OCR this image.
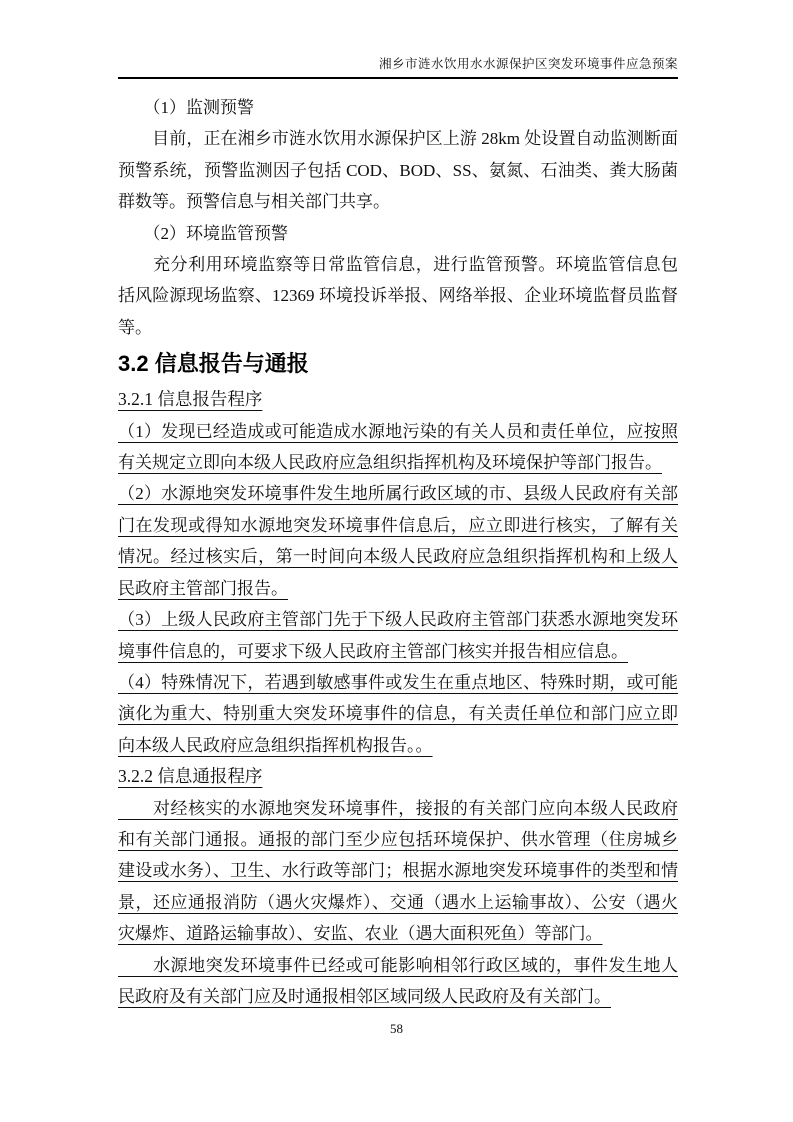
湘乡市涟水饮用水水源保护区突发环境事件应急预案

　　（1）监测预警

　　目前，正在湘乡市涟水饮用水源保护区上游 28km 处设置自动监测断面预警系统，预警监测因子包括 COD、BOD、SS、氨氮、石油类、粪大肠菌群数等。预警信息与相关部门共享。

　　（2）环境监管预警

　　充分利用环境监察等日常监管信息，进行监管预警。环境监管信息包括风险源现场监察、12369 环境投诉举报、网络举报、企业环境监督员监督等。

3.2 信息报告与通报
3.2.1 信息报告程序

（1）发现已经造成或可能造成水源地污染的有关人员和责任单位，应按照有关规定立即向本级人民政府应急组织指挥机构及环境保护等部门报告。

（2）水源地突发环境事件发生地所属行政区域的市、县级人民政府有关部门在发现或得知水源地突发环境事件信息后，应立即进行核实，了解有关情况。经过核实后，第一时间向本级人民政府应急组织指挥机构和上级人民政府主管部门报告。

（3）上级人民政府主管部门先于下级人民政府主管部门获悉水源地突发环境事件信息的，可要求下级人民政府主管部门核实并报告相应信息。

（4）特殊情况下，若遇到敏感事件或发生在重点地区、特殊时期，或可能演化为重大、特别重大突发环境事件的信息，有关责任单位和部门应立即向本级人民政府应急组织指挥机构报告。。

3.2.2 信息通报程序

　　对经核实的水源地突发环境事件，接报的有关部门应向本级人民政府和有关部门通报。通报的部门至少应包括环境保护、供水管理（住房城乡建设或水务）、卫生、水行政等部门；根据水源地突发环境事件的类型和情景，还应通报消防（遇火灾爆炸）、交通（遇水上运输事故）、公安（遇火灾爆炸、道路运输事故）、安监、农业（遇大面积死鱼）等部门。

　　水源地突发环境事件已经或可能影响相邻行政区域的，事件发生地人民政府及有关部门应及时通报相邻区域同级人民政府及有关部门。

58
